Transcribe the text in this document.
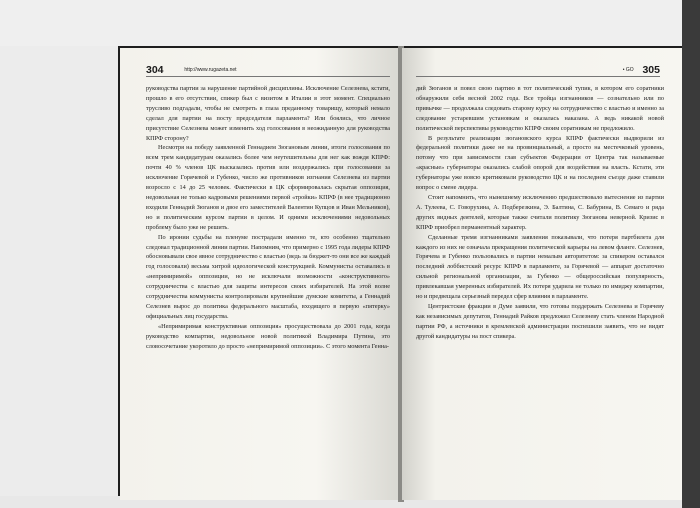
304	$^{http://www.rugazeta.net}$

руководства партии за нарушение партийной дисциплины. Исключение Селезнева, кстати, прошло в его отсутствии, спикер был с визитом в Италии в этот момент. Специально трусливо подгадали, чтобы не смотреть в глаза преданному товарищу, который немало сделал для партии на посту председателя парламента? Или боялись, что личное присутствие Селезнева может изменить ход голосования в неожиданную для руководства КПРФ сторону?

Несмотря на победу заявленной Геннадием Зюгановым линии, итоги голосования по всем трем кандидатурам оказались более чем неутешительны для нег как вождя КПРФ: почти 40 % членов ЦК высказались против или воздержались при голосовании за исключение Горячевой и Губенко, число же противников изгнания Селезнева из партии возросло с 14 до 25 человек. Фактически в ЦК сформировалась скрытая оппозиция, недовольная не только кадровыми решениями первой «тройки» КПРФ (в нее традиционно входили Геннадий Зюганов и двое его заместителей Валентин Купцов и Иван Мельников), но и политическим курсом партии в целом. И одними исключениями недовольных проблему было уже не решить.

По иронии судьбы на пленуме пострадали именно те, кто особенно тщательно следовал традиционной линии партии. Напомним, что примерно с 1995 года лидеры КПРФ обосновывали свое явное сотрудничество с властью (ведь за бюджет-то они все же каждый год голосовали) весьма хитрой идеологической конструкцией. Коммунисты оставались в «непримиримой» оппозиции, но не исключали возможности «конструктивного» сотрудничества с властью для защиты интересов своих избирателей. На этой волне сотрудничества коммунисты контролировали крупнейшие думские комитеты, а Геннадий Селезнев вырос до политика федерального масштаба, входящего в первую «пятерку» официальных лиц государства.

«Непримиримая конструктивная оппозиция» просуществовала до 2001 года, когда руководство компартии, недовольное новой политикой Владимира Путина, это словосочетание укоротило до просто «непримиримой оппозиции». С этого момента Генна-

$^{• GO}$ 305

дий Зюганов и повел свою партию в тот политический тупик, в котором его соратники обнаружили себя весной 2002 года. Все тройца изгнанников — сознательно или по привычке — продолжала следовать старому курсу на сотрудничество с властью и именно за следование устаревшим установкам и оказалась наказана. А ведь никакой новой политической перспективы руководство КПРФ своим соратникам не предложило.

В результате реализации зюгановского курса КПРФ фактически выдворили из федеральной политики даже не на провинциальный, а просто на местечковый уровень, потому что при зависимости глав субъектов Федерации от Центра так называемые «красные» губернаторы оказались слабой опорой для воздействия на власть. Кстати, эти губернаторы уже вовсю критиковали руководство ЦК и на последнем съезде даже ставили вопрос о смене лидера.

Стоит напомнить, что нынешнему исключению предшествовало вытеснение из партии А. Тулеева, С. Говорухина, А. Подберезкина, Э. Балтина, С. Бабурина, В. Семаго и ряда других видных деятелей, которые также считали политику Зюганова неверной. Кризис в КПРФ приобрел перманентный характер.

Сделанные тремя изгнанниками заявления показывали, что потеря партбилета для каждого из них не означала прекращения политической карьеры на левом фланге. Селезнев, Горячева и Губенко пользовались в партии немалым авторитетом: за спикером оставался последний лоббистский ресурс КПРФ в парламенте, за Горячевой — аппарат достаточно сильной региональной организации, за Губенко — общероссийская популярность, привлекавшая умеренных избирателей. Их потеря ударила не только по имиджу компартии, но и предвещала серьезный передел сфер влияния в парламенте.

Центристские фракции в Думе заявили, что готовы поддержать Селезнева и Горячеву как независимых депутатов, Геннадий Райков предложил Селезневу стать членом Народной партии РФ, а источники в кремлевской администрации поспешили заявить, что не видят другой кандидатуры на пост спикера.
